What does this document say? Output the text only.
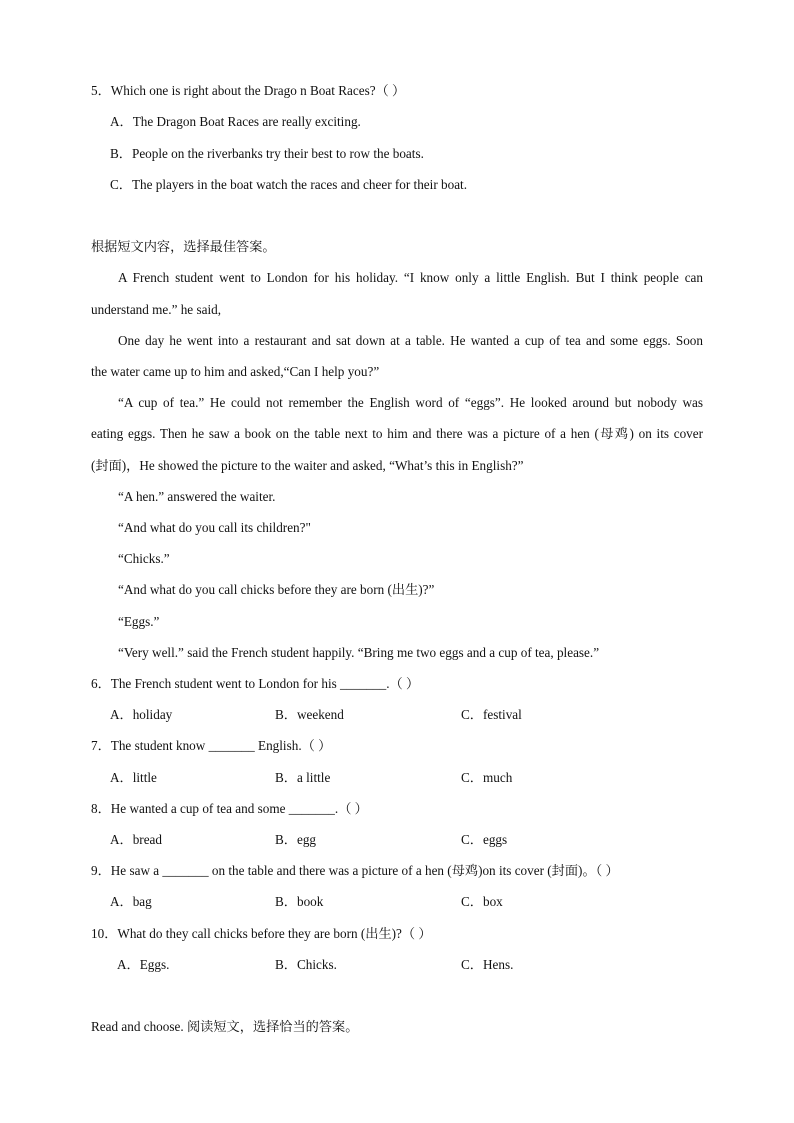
5．Which one is right about the Drago n Boat Races?（ ）
A．The Dragon Boat Races are really exciting.
B．People on the riverbanks try their best to row the boats.
C．The players in the boat watch the races and cheer for their boat.
根据短文内容，选择最佳答案。
A French student went to London for his holiday. “I know only a little English. But I think people can
understand me.” he said,
One day he went into a restaurant and sat down at a table. He wanted a cup of tea and some eggs. Soon
the water came up to him and asked,“Can I help you?”
“A cup of tea.” He could not remember the English word of “eggs”. He looked around but nobody was
eating eggs. Then he saw a book on the table next to him and there was a picture of a hen (母鸡) on its cover
(封面)，He showed the picture to the waiter and asked, “What’s this in English?”
“A hen.” answered the waiter.
“And what do you call its children?"
“Chicks.”
“And what do you call chicks before they are born (出生)?”
“Eggs.”
“Very well.” said the French student happily. “Bring me two eggs and a cup of tea, please.”
6．The French student went to London for his _______.（ ）
A．holiday	B．weekend	C．festival
7．The student know _______ English.（ ）
A．little	B．a little	C．much
8．He wanted a cup of tea and some _______.（ ）
A．bread	B．egg	C．eggs
9．He saw a _______ on the table and there was a picture of a hen (母鸡)on its cover (封面)。（ ）
A．bag	B．book	C．box
10．What do they call chicks before they are born (出生)?（ ）
A．Eggs.	B．Chicks.	C．Hens.
Read and choose. 阅读短文，选择恰当的答案。
